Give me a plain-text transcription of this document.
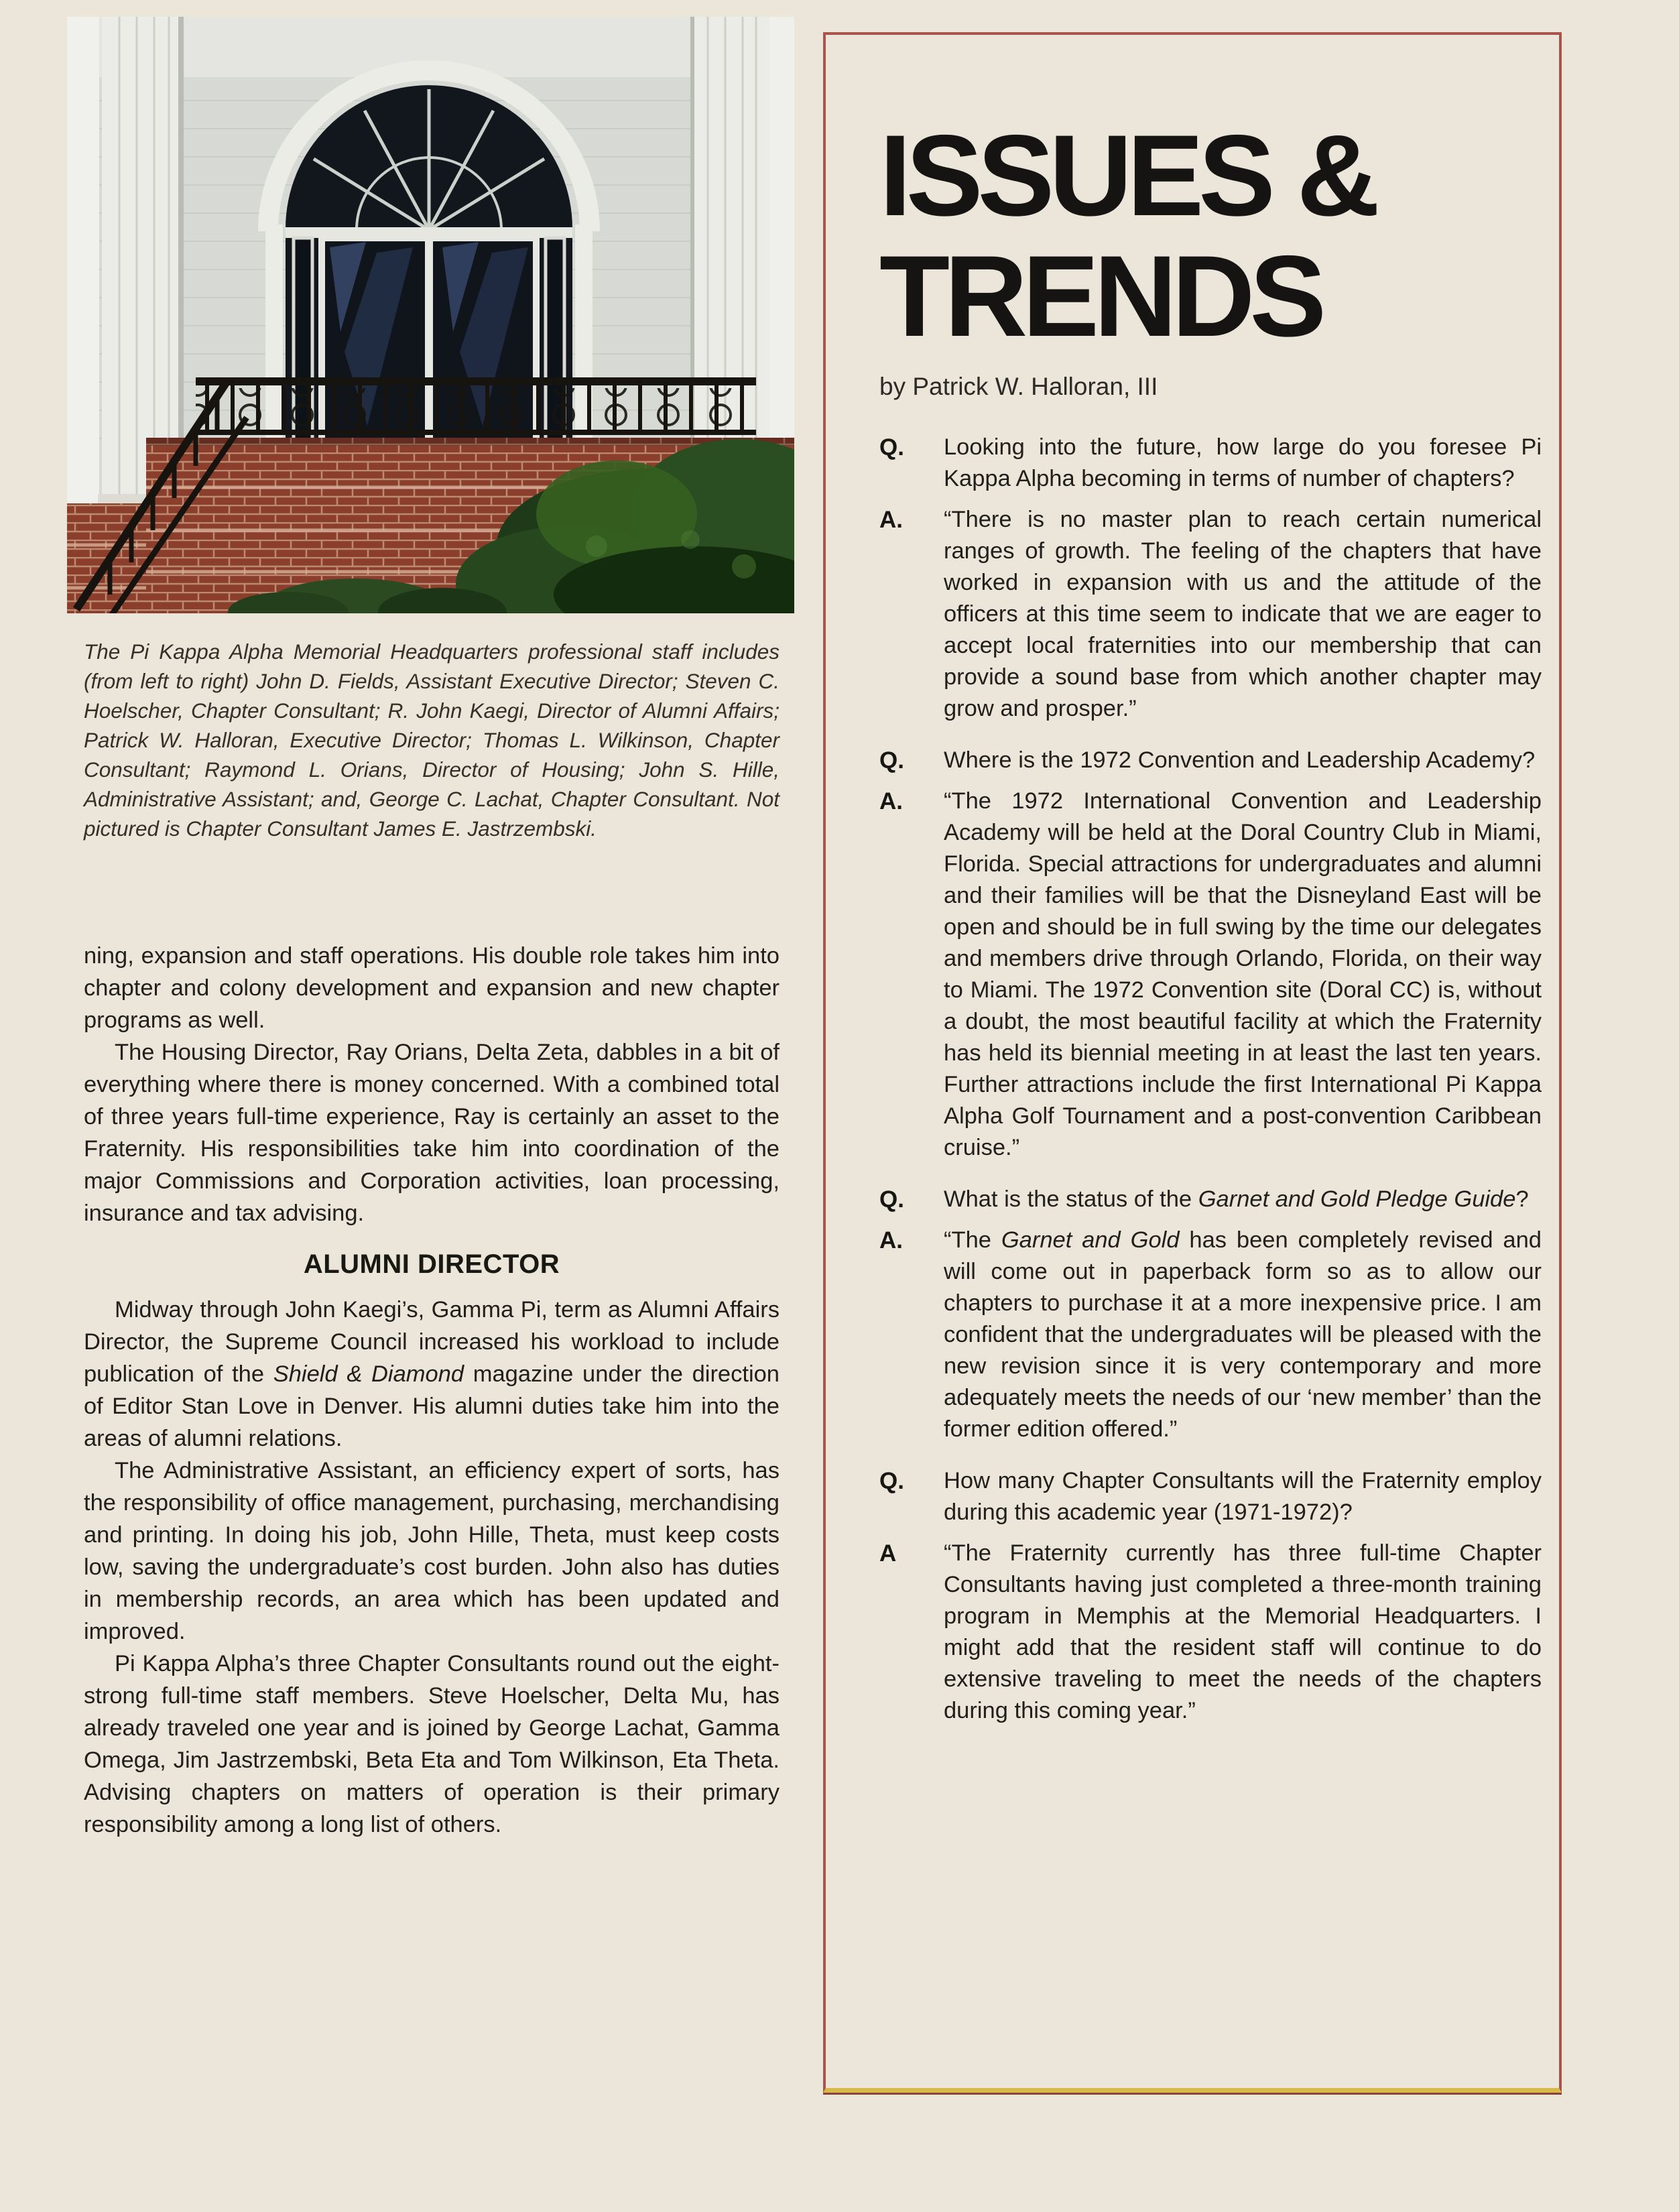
The Pi Kappa Alpha Memorial Headquarters professional staff includes (from left to right) John D. Fields, Assistant Executive Director; Steven C. Hoelscher, Chapter Consultant; R. John Kaegi, Director of Alumni Affairs; Patrick W. Halloran, Executive Director; Thomas L. Wilkinson, Chapter Consultant; Raymond L. Orians, Director of Housing; John S. Hille, Administrative Assistant; and, George C. Lachat, Chapter Consultant. Not pictured is Chapter Consultant James E. Jastrzembski.

ning, expansion and staff operations. His double role takes him into chapter and colony development and expansion and new chapter programs as well.

The Housing Director, Ray Orians, Delta Zeta, dabbles in a bit of everything where there is money concerned. With a combined total of three years full-time experience, Ray is certainly an asset to the Fraternity. His responsibilities take him into coordination of the major Commissions and Corporation activities, loan processing, insurance and tax advising.

ALUMNI DIRECTOR

Midway through John Kaegi’s, Gamma Pi, term as Alumni Affairs Director, the Supreme Council increased his workload to include publication of the Shield & Diamond magazine under the direction of Editor Stan Love in Denver. His alumni duties take him into the areas of alumni relations.

The Administrative Assistant, an efficiency expert of sorts, has the responsibility of office management, purchasing, merchandising and printing. In doing his job, John Hille, Theta, must keep costs low, saving the undergraduate’s cost burden. John also has duties in membership records, an area which has been updated and improved.

Pi Kappa Alpha’s three Chapter Consultants round out the eight-strong full-time staff members. Steve Hoelscher, Delta Mu, has already traveled one year and is joined by George Lachat, Gamma Omega, Jim Jastrzembski, Beta Eta and Tom Wilkinson, Eta Theta. Advising chapters on matters of operation is their primary responsibility among a long list of others.

ISSUES &
TRENDS
by Patrick W. Halloran, III
Q.	Looking into the future, how large do you foresee Pi Kappa Alpha becoming in terms of number of chapters?

A.	“There is no master plan to reach certain numerical ranges of growth. The feeling of the chapters that have worked in expansion with us and the attitude of the officers at this time seem to indicate that we are eager to accept local fraternities into our membership that can provide a sound base from which another chapter may grow and prosper.”

Q.	Where is the 1972 Convention and Leadership Academy?

A.	“The 1972 International Convention and Leadership Academy will be held at the Doral Country Club in Miami, Florida. Special attractions for undergraduates and alumni and their families will be that the Disneyland East will be open and should be in full swing by the time our delegates and members drive through Orlando, Florida, on their way to Miami. The 1972 Convention site (Doral CC) is, without a doubt, the most beautiful facility at which the Fraternity has held its biennial meeting in at least the last ten years. Further attractions include the first International Pi Kappa Alpha Golf Tournament and a post-convention Caribbean cruise.”

Q.	What is the status of the Garnet and Gold Pledge Guide?

A.	“The Garnet and Gold has been completely revised and will come out in paperback form so as to allow our chapters to purchase it at a more inexpensive price. I am confident that the undergraduates will be pleased with the new revision since it is very contemporary and more adequately meets the needs of our ‘new member’ than the former edition offered.”

Q.	How many Chapter Consultants will the Fraternity employ during this academic year (1971-1972)?

A	“The Fraternity currently has three full-time Chapter Consultants having just completed a three-month training program in Memphis at the Memorial Headquarters. I might add that the resident staff will continue to do extensive traveling to meet the needs of the chapters during this coming year.”
